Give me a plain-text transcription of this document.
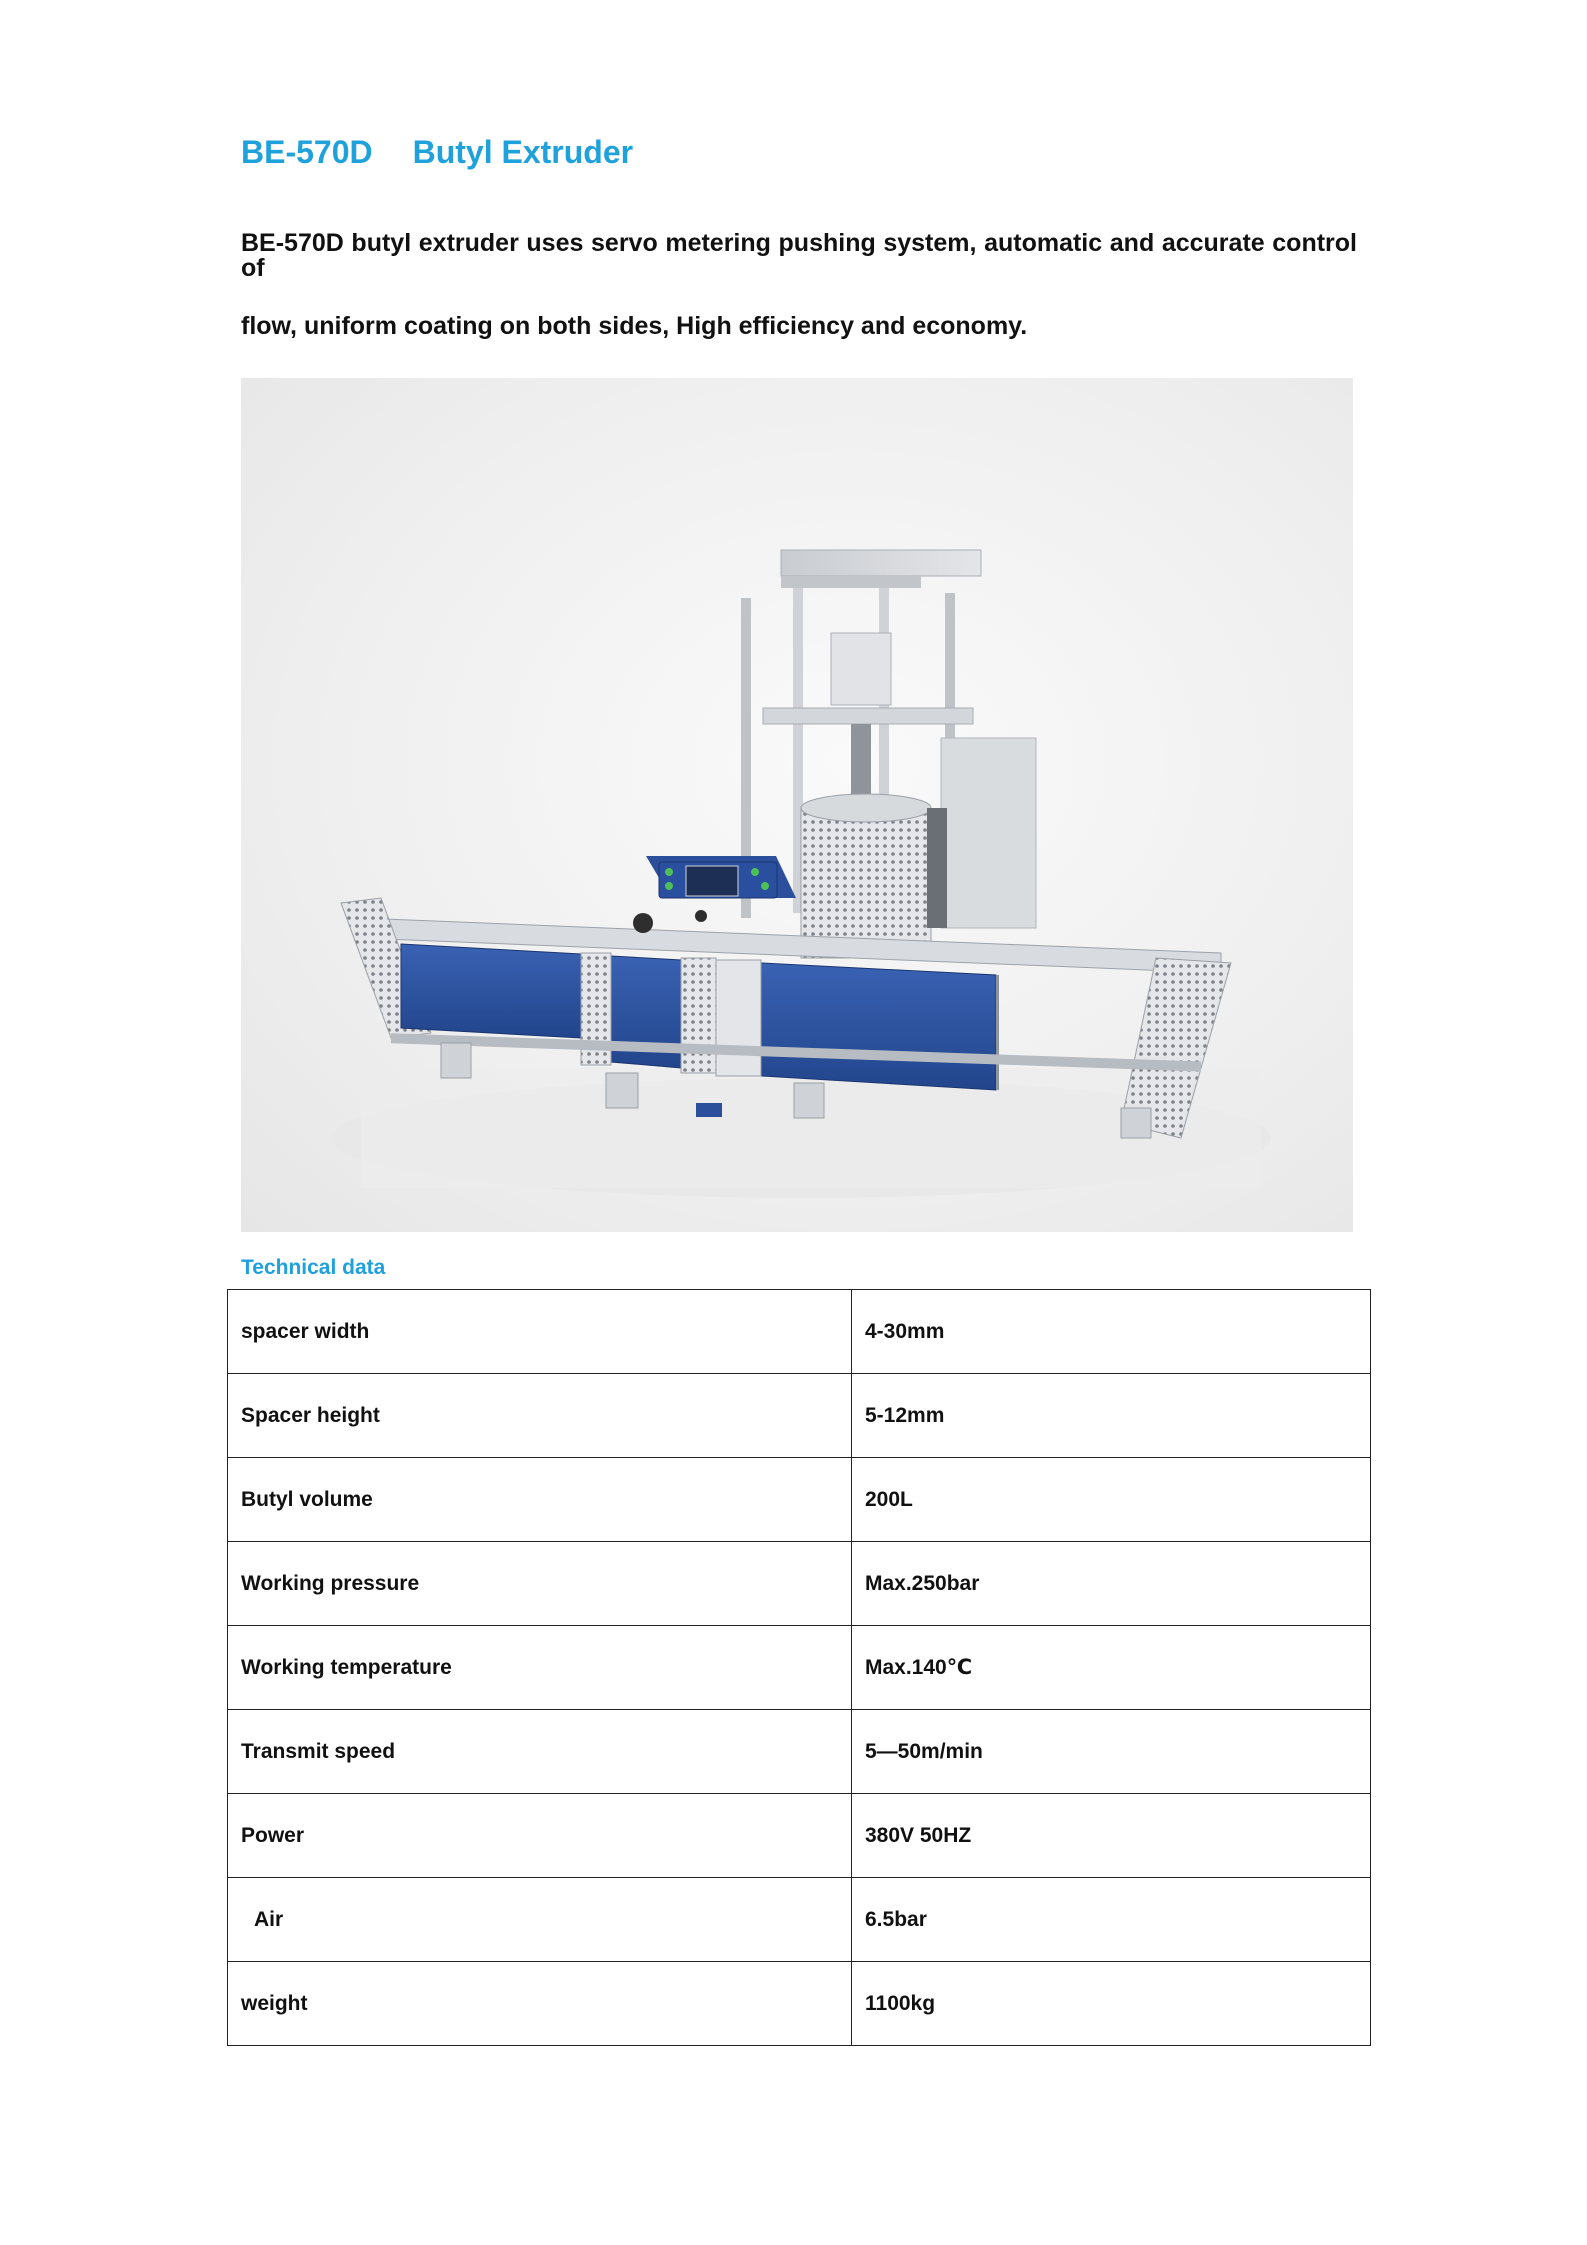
BE-570D Butyl Extruder
BE-570D butyl extruder uses servo metering pushing system, automatic and accurate control of
flow, uniform coating on both sides, High efficiency and economy.
Technical data
spacer width	4-30mm
Spacer height	5-12mm
Butyl volume	200L
Working pressure	Max.250bar
Working temperature	Max.140℃
Transmit speed	5—50m/min
Power	380V 50HZ
Air	6.5bar
weight	1100kg
